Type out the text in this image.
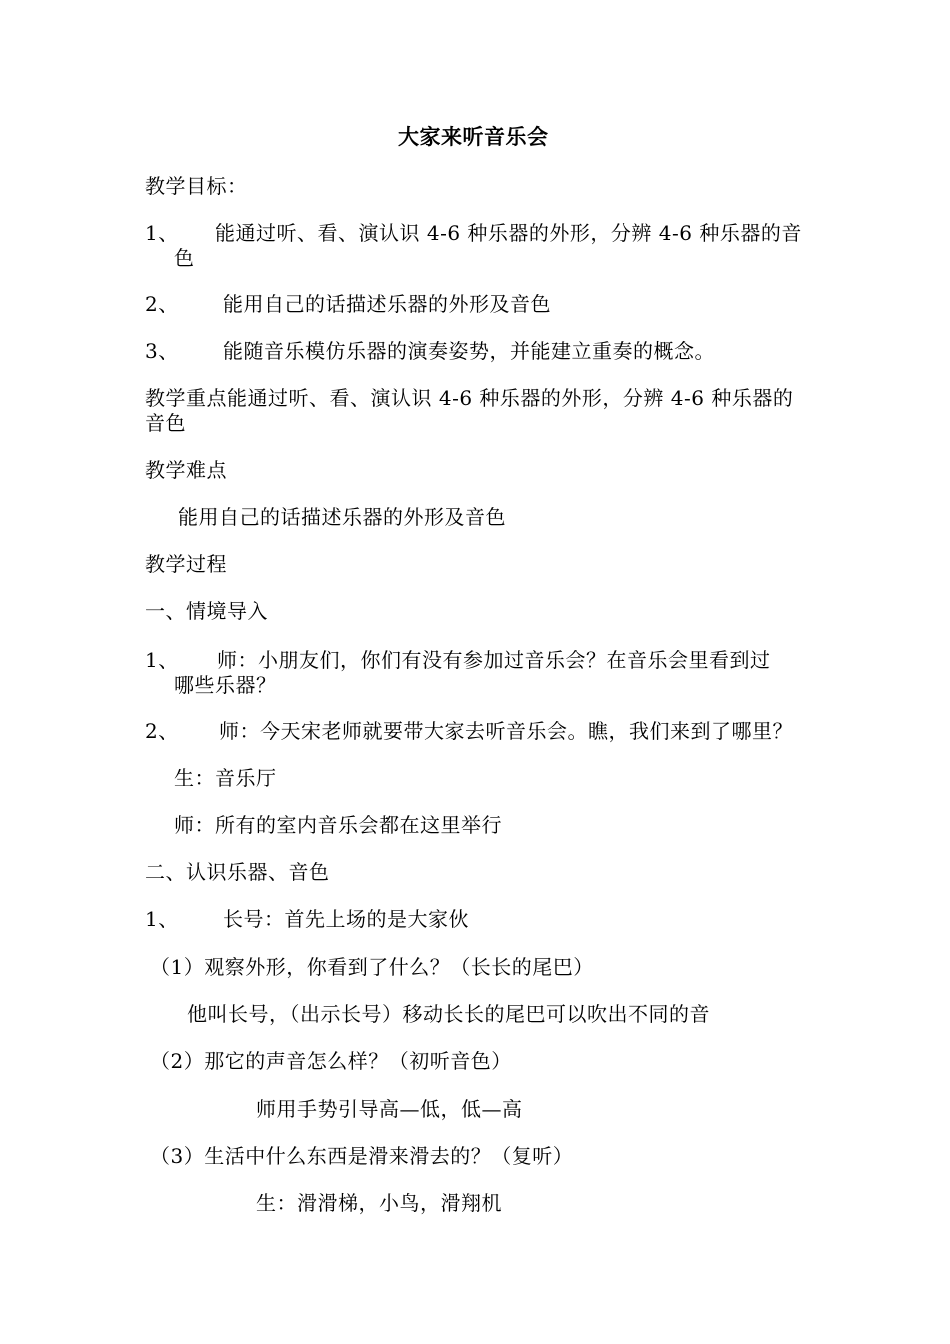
大家来听音乐会
教学目标：
1、 能通过听、看、演认识 4-6 种乐器的外形，分辨 4-6 种乐器的音
色
2、 能用自己的话描述乐器的外形及音色
3、 能随音乐模仿乐器的演奏姿势，并能建立重奏的概念。
教学重点能通过听、看、演认识 4-6 种乐器的外形，分辨 4-6 种乐器的
音色
教学难点
能用自己的话描述乐器的外形及音色
教学过程
一、情境导入
1、 师：小朋友们，你们有没有参加过音乐会？在音乐会里看到过
哪些乐器？
2、 师：今天宋老师就要带大家去听音乐会。瞧，我们来到了哪里？
生：音乐厅
师：所有的室内音乐会都在这里举行
二、认识乐器、音色
1、 长号：首先上场的是大家伙
（1）观察外形，你看到了什么？（长长的尾巴）
他叫长号，（出示长号）移动长长的尾巴可以吹出不同的音
（2）那它的声音怎么样？（初听音色）
师用手势引导高—低，低—高
（3）生活中什么东西是滑来滑去的？（复听）
生：滑滑梯，小鸟，滑翔机
